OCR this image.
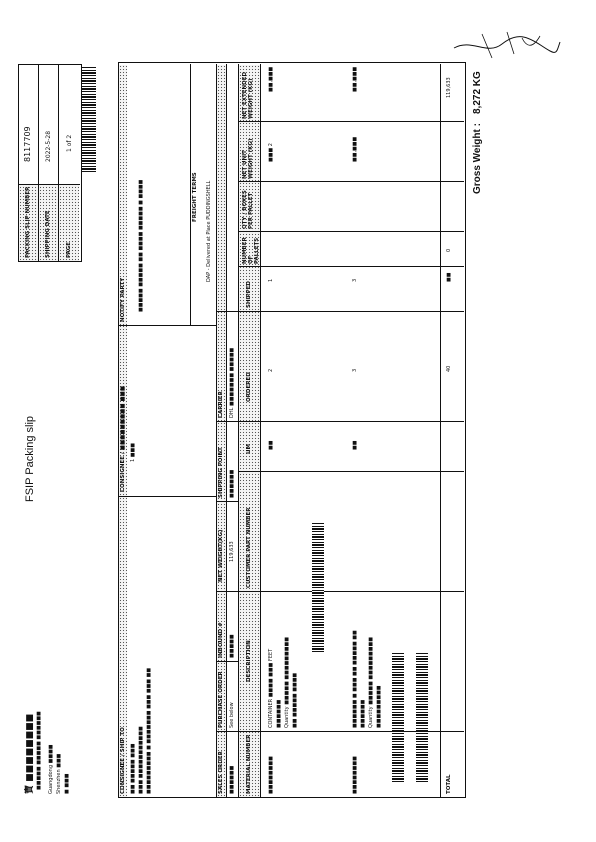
寶 ■■■■■■■■ ■■■■■ ■■■■■ ■■■■■■ Guangdong ■■■■ Shenzhen ■■■ ■ ■■■
FSIP Packing slip
PACKING SLIP NUMBER
8117709
SHIPPING DATE
2022-5-28
PAGE
1 of 2
CONSIGNEE / SHIP TO ■■ ■■■■■ ■■■ ■■■ ■■■■■■■■■■■ ■■■■■■■■■ ■ ■■■■■■■ ■■■ ■■■ ■■
CONSIGNEE / ■■■■■■■■■ ■■■ 1 ■■■
NOTIFY PARTY ■■■■■ ■■■■■ ■■ ■■■■ ■■■■■ ■ ■■■■	FREIGHT TERMS DAP - Delivered at Place PUDDINGSHELL
SALES ORDER
PURCHASE ORDER
INBOUND #
NET WEIGHT(KG)
SHIPPING POINT
CARRIER
■■■■■■
See below
■■■■■
119,633
■■■■■■
DHL ■■■■■■■ ■■■■■
MATERIAL NUMBER
DESCRIPTION
CUSTOMER PART NUMBER
UM
ORDERED
SHIPPED
NUMBER OF PALLETS
QTY / BOXES PER PALLET
NET UNIT WEIGHT (KG)
NET EXTENDED WEIGHT (KG)
■■■■■■■■
CONTAINER ■■■■ ■■■ FEET ■■■■■■ Quantity ■■■■■ ■■■■■■■■■ ■■ ■■■■■ ■■■■
■■
2
1
■■■ 2
■■,■■■
■■■■■■■■
■■■■■■ ■ ■■■ ■■ ■■■■■ ■■ ■■■■■■ Quantity ■■■■■ ■■■■■■■■■ ■■■■■■■■■
■■
3
3
■■,■■■
■■,■■■
TOTAL
40
■■
0
119,633
Gross Weight :
8,272 KG
